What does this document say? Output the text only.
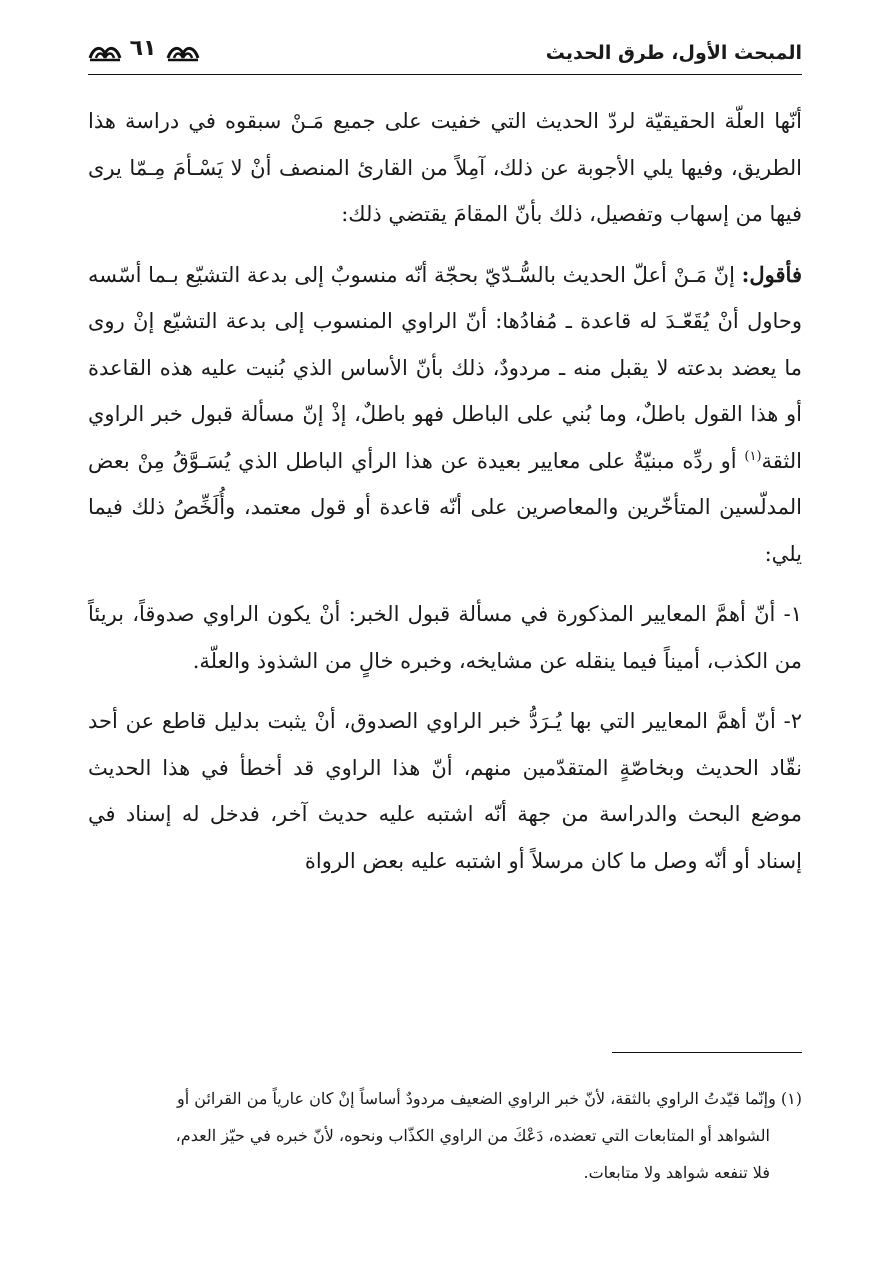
المبحث الأول، طرق الحديث
٦١

أنّها العلّة الحقيقيّة لردّ الحديث التي خفيت على جميع مَـنْ سبقوه في دراسة هذا الطريق، وفيها يلي الأجوبة عن ذلك، آمِلاً من القارئ المنصف أنْ لا يَسْـأمَ مِـمّا يرى فيها من إسهاب وتفصيل، ذلك بأنّ المقامَ يقتضي ذلك:

فأقول: إنّ مَـنْ أعلّ الحديث بالسُّـدّيّ بحجّة أنّه منسوبٌ إلى بدعة التشيّع بـما أسّسه وحاول أنْ يُقَعّـدَ له قاعدة ـ مُفادُها: أنّ الراوي المنسوب إلى بدعة التشيّع إنْ روى ما يعضد بدعته لا يقبل منه ـ مردودٌ، ذلك بأنّ الأساس الذي بُنيت عليه هذه القاعدة أو هذا القول باطلٌ، وما بُني على الباطل فهو باطلٌ، إذْ إنّ مسألة قبول خبر الراوي الثقة$^{(١)}$ أو ردِّه مبنيّةٌ على معايير بعيدة عن هذا الرأي الباطل الذي يُسَـوَّقُ مِنْ بعض المدلّسين المتأخّرين والمعاصرين على أنّه قاعدة أو قول معتمد، وأُلَخِّصُ ذلك فيما يلي:

١- أنّ أهمَّ المعايير المذكورة في مسألة قبول الخبر: أنْ يكون الراوي صدوقاً، بريئاً من الكذب، أميناً فيما ينقله عن مشايخه، وخبره خالٍ من الشذوذ والعلّة.

٢- أنّ أهمَّ المعايير التي بها يُـرَدُّ خبر الراوي الصدوق، أنْ يثبت بدليل قاطع عن أحد نقّاد الحديث وبخاصّةٍ المتقدّمين منهم، أنّ هذا الراوي قد أخطأ في هذا الحديث موضع البحث والدراسة من جهة أنّه اشتبه عليه حديث آخر، فدخل له إسناد في إسناد أو أنّه وصل ما كان مرسلاً أو اشتبه عليه بعض الرواة

(١) وإنّما قيّدتُ الراوي بالثقة، لأنّ خبر الراوي الضعيف مردودٌ أساساً إنْ كان عارياً من القرائن أو

الشواهد أو المتابعات التي تعضده، دَعْكَ من الراوي الكذّاب ونحوه، لأنّ خبره في حيّز العدم،

فلا تنفعه شواهد ولا متابعات.
